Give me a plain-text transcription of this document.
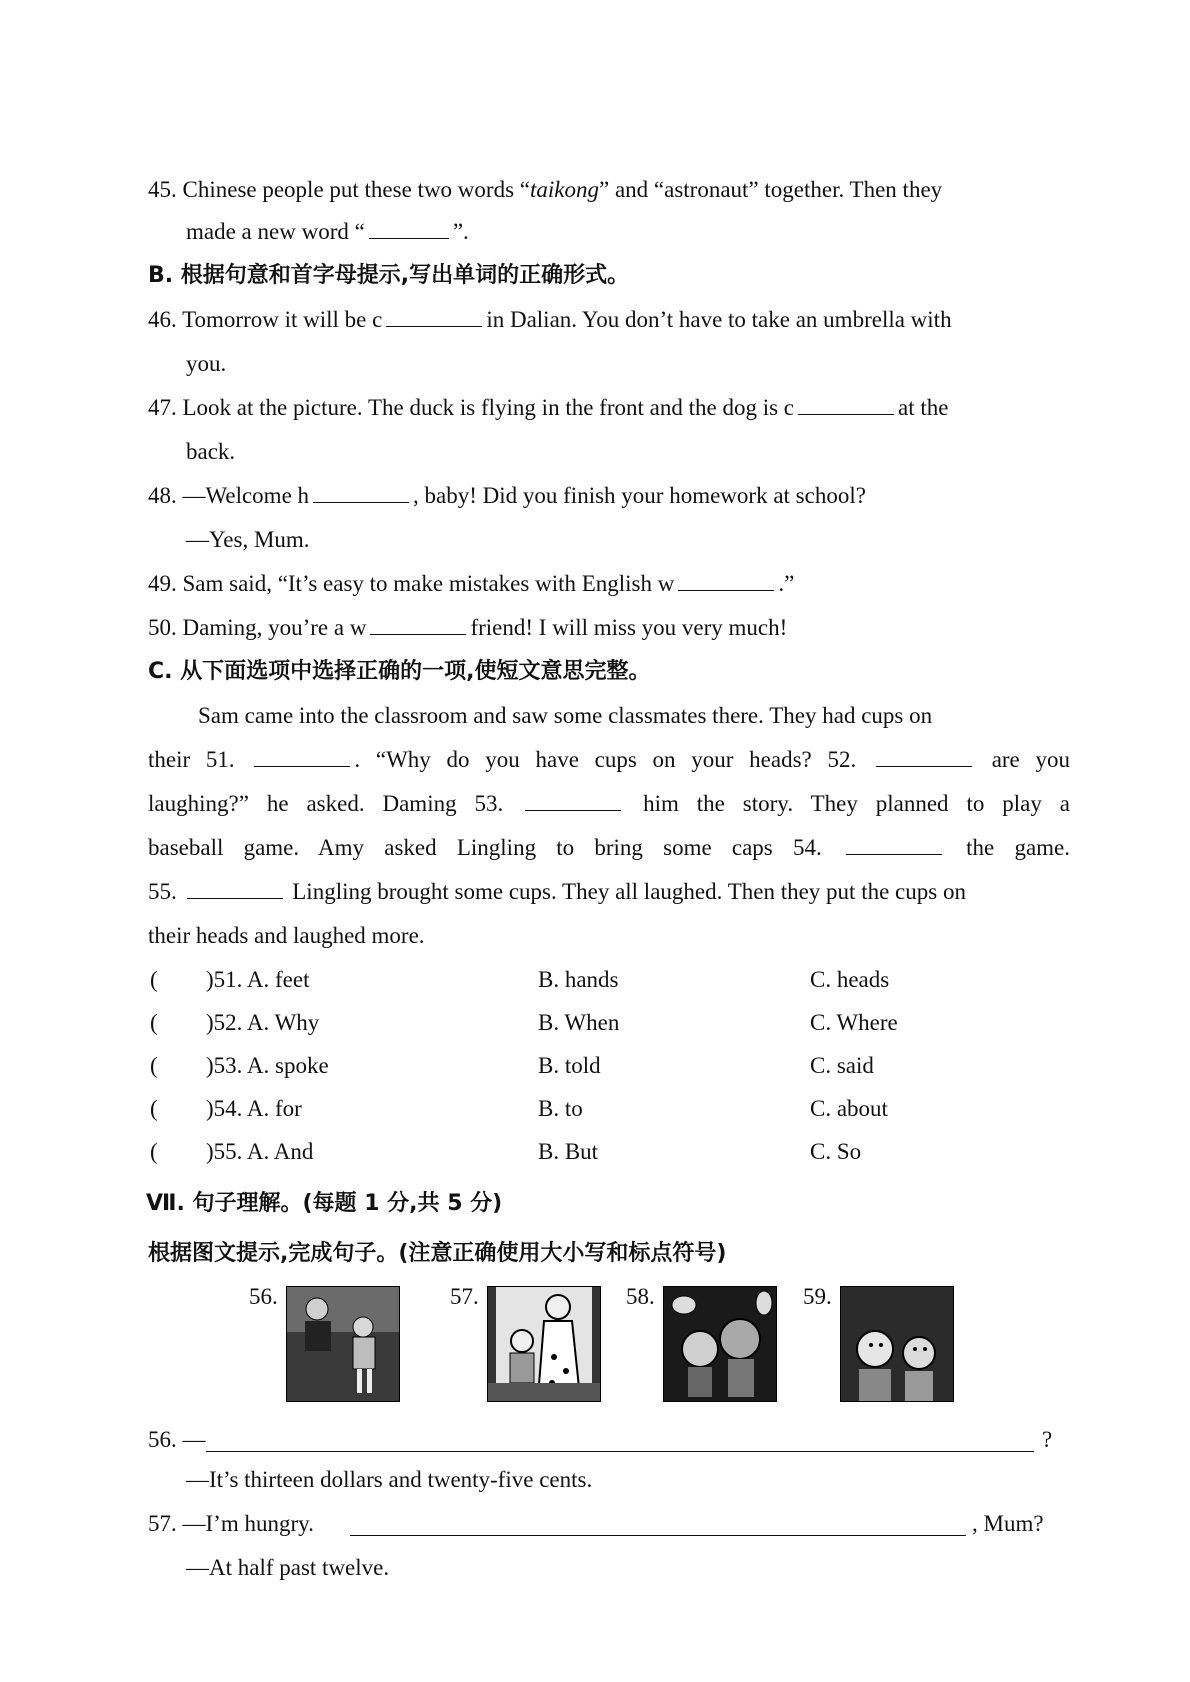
45. Chinese people put these two words “taikong” and “astronaut” together. Then they
made a new word “	”.
B. 根据句意和首字母提示,写出单词的正确形式。
46. Tomorrow it will be c	in Dalian. You don’t have to take an umbrella with
you.
47. Look at the picture. The duck is flying in the front and the dog is c	at the
back.
48. —Welcome h	, baby! Did you finish your homework at school?
—Yes, Mum.
49. Sam said, “It’s easy to make mistakes with English w	.”
50. Daming, you’re a w	friend! I will miss you very much!
C. 从下面选项中选择正确的一项,使短文意思完整。
Sam came into the classroom and saw some classmates there. They had cups on
their 51.	. “Why do you have cups on your heads? 52.	are you
laughing?” he asked. Daming 53.	him the story. They planned to play a
baseball game. Amy asked Lingling to bring some caps 54.	the game.
55.	Lingling brought some cups. They all laughed. Then they put the cups on
their heads and laughed more.
( )51. A. feet	B. hands	C. heads
( )52. A. Why	B. When	C. Where
( )53. A. spoke	B. told	C. said
( )54. A. for	B. to	C. about
( )55. A. And	B. But	C. So
Ⅶ. 句子理解。(每题 1 分,共 5 分)
根据图文提示,完成句子。(注意正确使用大小写和标点符号)
56.	57.	58.	59.
56. —	?
—It’s thirteen dollars and twenty-five cents.
57. —I’m hungry.	, Mum?
—At half past twelve.
